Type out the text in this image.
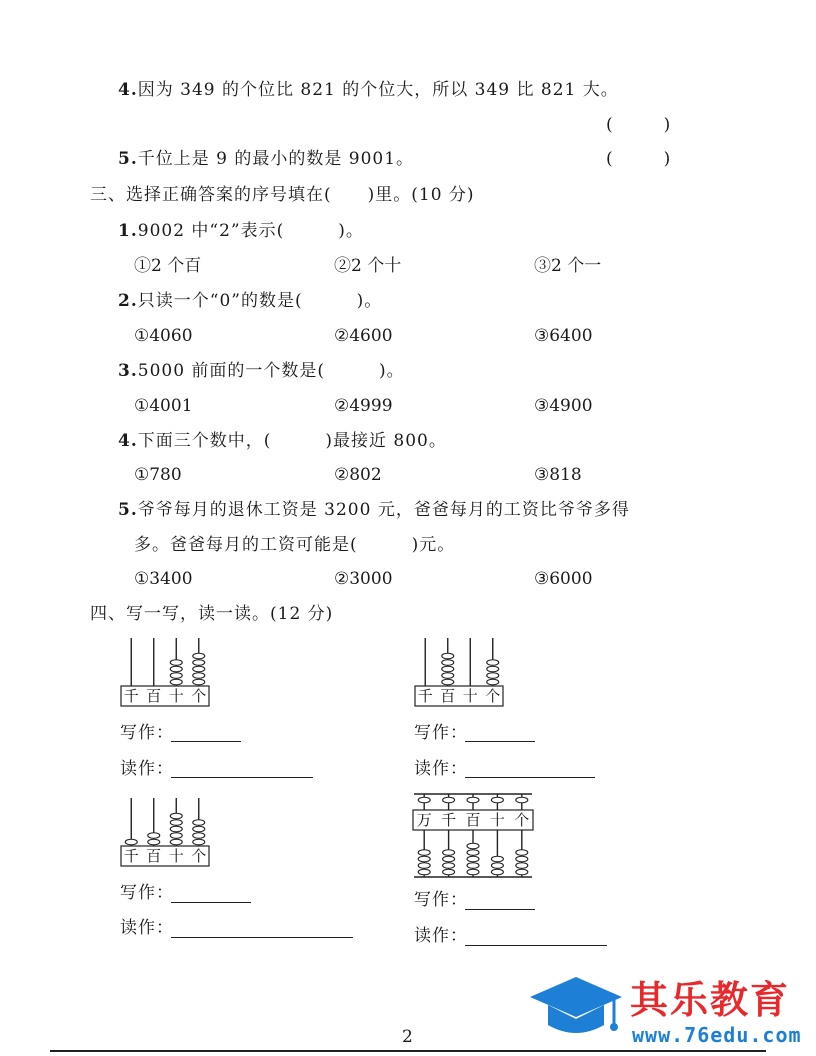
4.因为 349 的个位比 821 的个位大，所以 349 比 821 大。
(　　　)
5.千位上是 9 的最小的数是 9001。	(　　　)
三、选择正确答案的序号填在(　　)里。(10 分)
1.9002 中“2”表示(　　　)。
①2 个百	②2 个十	③2 个一
2.只读一个“0”的数是(　　　)。
①4060	②4600	③6400
3.5000 前面的一个数是(　　　)。
①4001	②4999	③4900
4.下面三个数中，(　　　)最接近 800。
①780	②802	③818
5.爷爷每月的退休工资是 3200 元，爸爸每月的工资比爷爷多得
多。爸爸每月的工资可能是(　　　)元。
①3400	②3000	③6000
四、写一写，读一读。(12 分)
千 百 十 个
写作：
读作：
千 百 十 个
写作：
读作：
千 百 十 个
写作：
读作：
万 千 百 十 个
写作：
读作：
其乐教育
www.76edu.com
2
